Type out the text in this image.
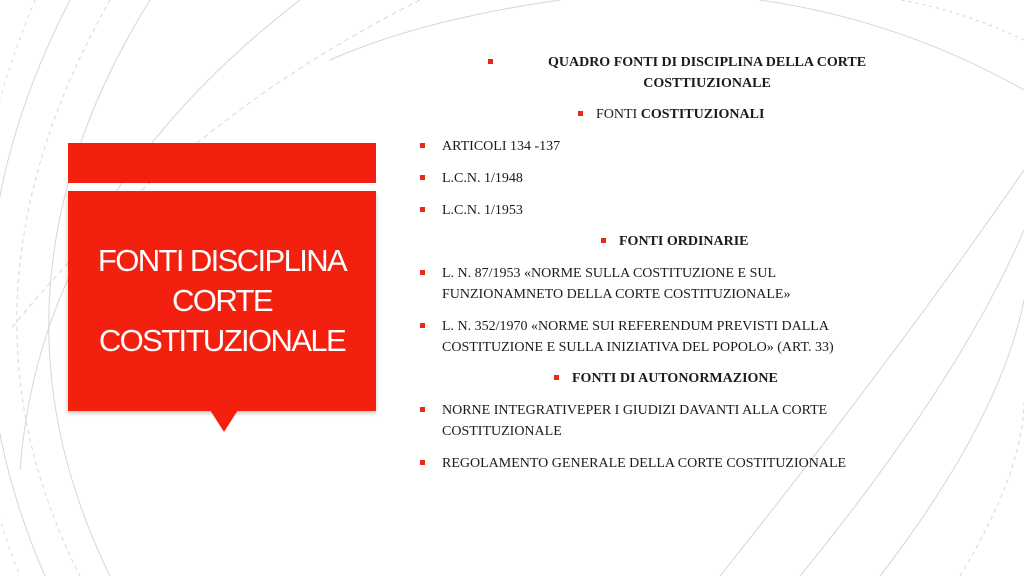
FONTI DISCIPLINA
CORTE
COSTITUZIONALE
QUADRO FONTI DI DISCIPLINA DELLA CORTE
COSTTIUZIONALE
FONTI COSTITUZIONALI
ARTICOLI 134 -137
L.C.N. 1/1948
L.C.N. 1/1953
FONTI ORDINARIE
L. N. 87/1953 «NORME SULLA COSTITUZIONE E SUL
FUNZIONAMNETO DELLA CORTE COSTITUZIONALE»
L. N. 352/1970 «NORME SUI REFERENDUM PREVISTI DALLA
COSTITUZIONE E SULLA INIZIATIVA DEL POPOLO» (ART. 33)
FONTI DI AUTONORMAZIONE
NORNE INTEGRATIVEPER I GIUDIZI DAVANTI ALLA CORTE
COSTITUZIONALE
REGOLAMENTO GENERALE DELLA CORTE COSTITUZIONALE
